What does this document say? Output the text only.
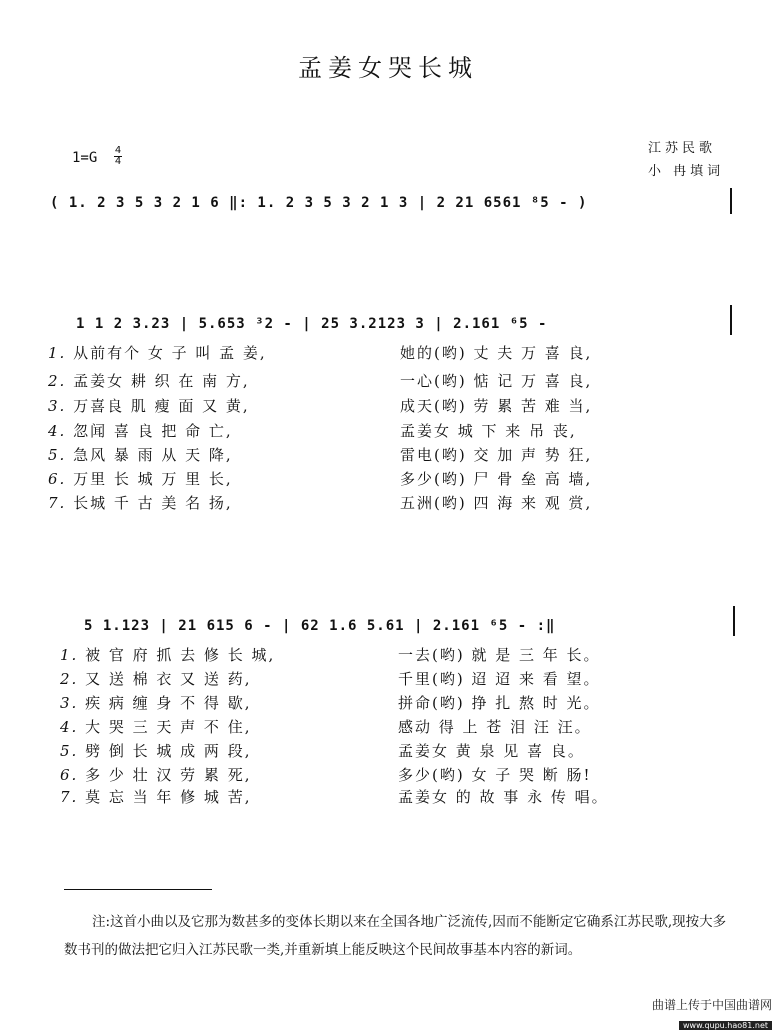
孟姜女哭长城
江苏民歌
小 冉填词
1=G 4
4
( 1. 2 3 5 3 2 1 6 ‖: 1. 2 3 5 3 2 1 3 | 2 21 6561 ⁸5 - )
1 1 2 3.23 | 5.653 ³2 - | 25 3.2123 3 | 2.161 ⁶5 -
1. 从前有个 女 子 叫 孟 姜,	她的(哟) 丈 夫 万 喜 良,
2. 孟姜女 耕 织 在 南 方,	一心(哟) 惦 记 万 喜 良,
3. 万喜良 肌 瘦 面 又 黄,	成天(哟) 劳 累 苦 难 当,
4. 忽闻 喜 良 把 命 亡,	孟姜女 城 下 来 吊 丧,
5. 急风 暴 雨 从 天 降,	雷电(哟) 交 加 声 势 狂,
6. 万里 长 城 万 里 长,	多少(哟) 尸 骨 垒 高 墙,
7. 长城 千 古 美 名 扬,	五洲(哟) 四 海 来 观 赏,
5 1.123 | 21 615 6 - | 62 1.6 5.61 | 2.161 ⁶5 - :‖
1. 被 官 府 抓 去 修 长 城,	一去(哟) 就 是 三 年 长。
2. 又 送 棉 衣 又 送 药,	千里(哟) 迢 迢 来 看 望。
3. 疾 病 缠 身 不 得 歇,	拼命(哟) 挣 扎 熬 时 光。
4. 大 哭 三 天 声 不 住,	感动 得 上 苍 泪 汪 汪。
5. 劈 倒 长 城 成 两 段,	孟姜女 黄 泉 见 喜 良。
6. 多 少 壮 汉 劳 累 死,	多少(哟) 女 子 哭 断 肠!
7. 莫 忘 当 年 修 城 苦,	孟姜女 的 故 事 永 传 唱。
注:这首小曲以及它那为数甚多的变体长期以来在全国各地广泛流传,因而不能断定它确系江苏民歌,现按大多数书刊的做法把它归入江苏民歌一类,并重新填上能反映这个民间故事基本内容的新词。
曲谱上传于中国曲谱网
www.qupu.hao81.net
